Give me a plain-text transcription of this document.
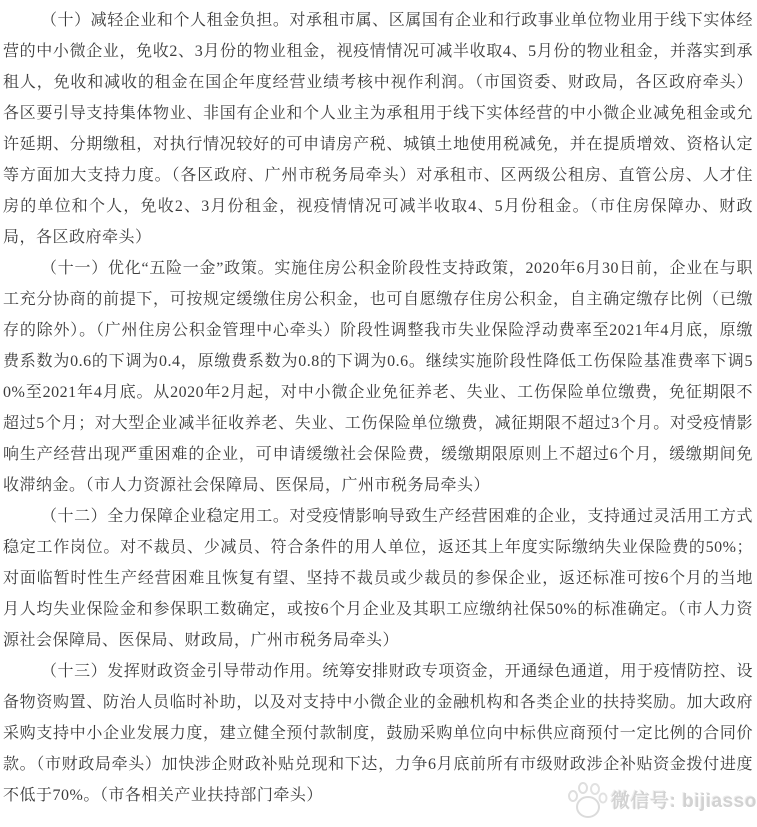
（十）减轻企业和个人租金负担。对承租市属、区属国有企业和行政事业单位物业用于线下实体经营的中小微企业，免收2、3月份的物业租金，视疫情情况可减半收取4、5月份的物业租金，并落实到承租人，免收和减收的租金在国企年度经营业绩考核中视作利润。（市国资委、财政局，各区政府牵头）各区要引导支持集体物业、非国有企业和个人业主为承租用于线下实体经营的中小微企业减免租金或允许延期、分期缴租，对执行情况较好的可申请房产税、城镇土地使用税减免，并在提质增效、资格认定等方面加大支持力度。（各区政府、广州市税务局牵头）对承租市、区两级公租房、直管公房、人才住房的单位和个人，免收2、3月份租金，视疫情情况可减半收取4、5月份租金。（市住房保障办、财政局，各区政府牵头）

（十一）优化“五险一金”政策。实施住房公积金阶段性支持政策，2020年6月30日前，企业在与职工充分协商的前提下，可按规定缓缴住房公积金，也可自愿缴存住房公积金，自主确定缴存比例（已缴存的除外）。（广州住房公积金管理中心牵头）阶段性调整我市失业保险浮动费率至2021年4月底，原缴费系数为0.6的下调为0.4，原缴费系数为0.8的下调为0.6。继续实施阶段性降低工伤保险基准费率下调50%至2021年4月底。从2020年2月起，对中小微企业免征养老、失业、工伤保险单位缴费，免征期限不超过5个月；对大型企业减半征收养老、失业、工伤保险单位缴费，减征期限不超过3个月。对受疫情影响生产经营出现严重困难的企业，可申请缓缴社会保险费，缓缴期限原则上不超过6个月，缓缴期间免收滞纳金。（市人力资源社会保障局、医保局，广州市税务局牵头）

（十二）全力保障企业稳定用工。对受疫情影响导致生产经营困难的企业，支持通过灵活用工方式稳定工作岗位。对不裁员、少减员、符合条件的用人单位，返还其上年度实际缴纳失业保险费的50%；对面临暂时性生产经营困难且恢复有望、坚持不裁员或少裁员的参保企业，返还标准可按6个月的当地月人均失业保险金和参保职工数确定，或按6个月企业及其职工应缴纳社保50%的标准确定。（市人力资源社会保障局、医保局、财政局，广州市税务局牵头）

（十三）发挥财政资金引导带动作用。统筹安排财政专项资金，开通绿色通道，用于疫情防控、设备物资购置、防治人员临时补助，以及对支持中小微企业的金融机构和各类企业的扶持奖励。加大政府采购支持中小企业发展力度，建立健全预付款制度，鼓励采购单位向中标供应商预付一定比例的合同价款。（市财政局牵头）加快涉企财政补贴兑现和下达，力争6月底前所有市级财政涉企补贴资金拨付进度不低于70%。（市各相关产业扶持部门牵头）	微信号: bijiasso
